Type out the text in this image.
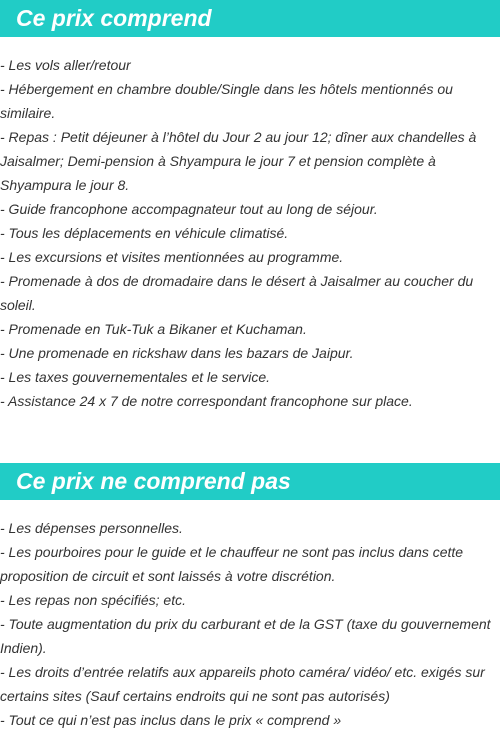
Ce prix comprend
- Les vols aller/retour
- Hébergement en chambre double/Single dans les hôtels mentionnés ou similaire.
- Repas : Petit déjeuner à l’hôtel du Jour 2 au jour 12; dîner aux chandelles à Jaisalmer; Demi-pension à Shyampura le jour 7 et pension complète à Shyampura le jour 8.
- Guide francophone accompagnateur tout au long de séjour.
- Tous les déplacements en véhicule climatisé.
- Les excursions et visites mentionnées au programme.
- Promenade à dos de dromadaire dans le désert à Jaisalmer au coucher du soleil.
- Promenade en Tuk-Tuk a Bikaner et Kuchaman.
- Une promenade en rickshaw dans les bazars de Jaipur.
- Les taxes gouvernementales et le service.
- Assistance 24 x 7 de notre correspondant francophone sur place.
Ce prix ne comprend pas
- Les dépenses personnelles.
- Les pourboires pour le guide et le chauffeur ne sont pas inclus dans cette proposition de circuit et sont laissés à votre discrétion.
- Les repas non spécifiés; etc.
- Toute augmentation du prix du carburant et de la GST (taxe du gouvernement Indien).
- Les droits d’entrée relatifs aux appareils photo caméra/ vidéo/ etc. exigés sur certains sites (Sauf certains endroits qui ne sont pas autorisés)
- Tout ce qui n’est pas inclus dans le prix « comprend »
